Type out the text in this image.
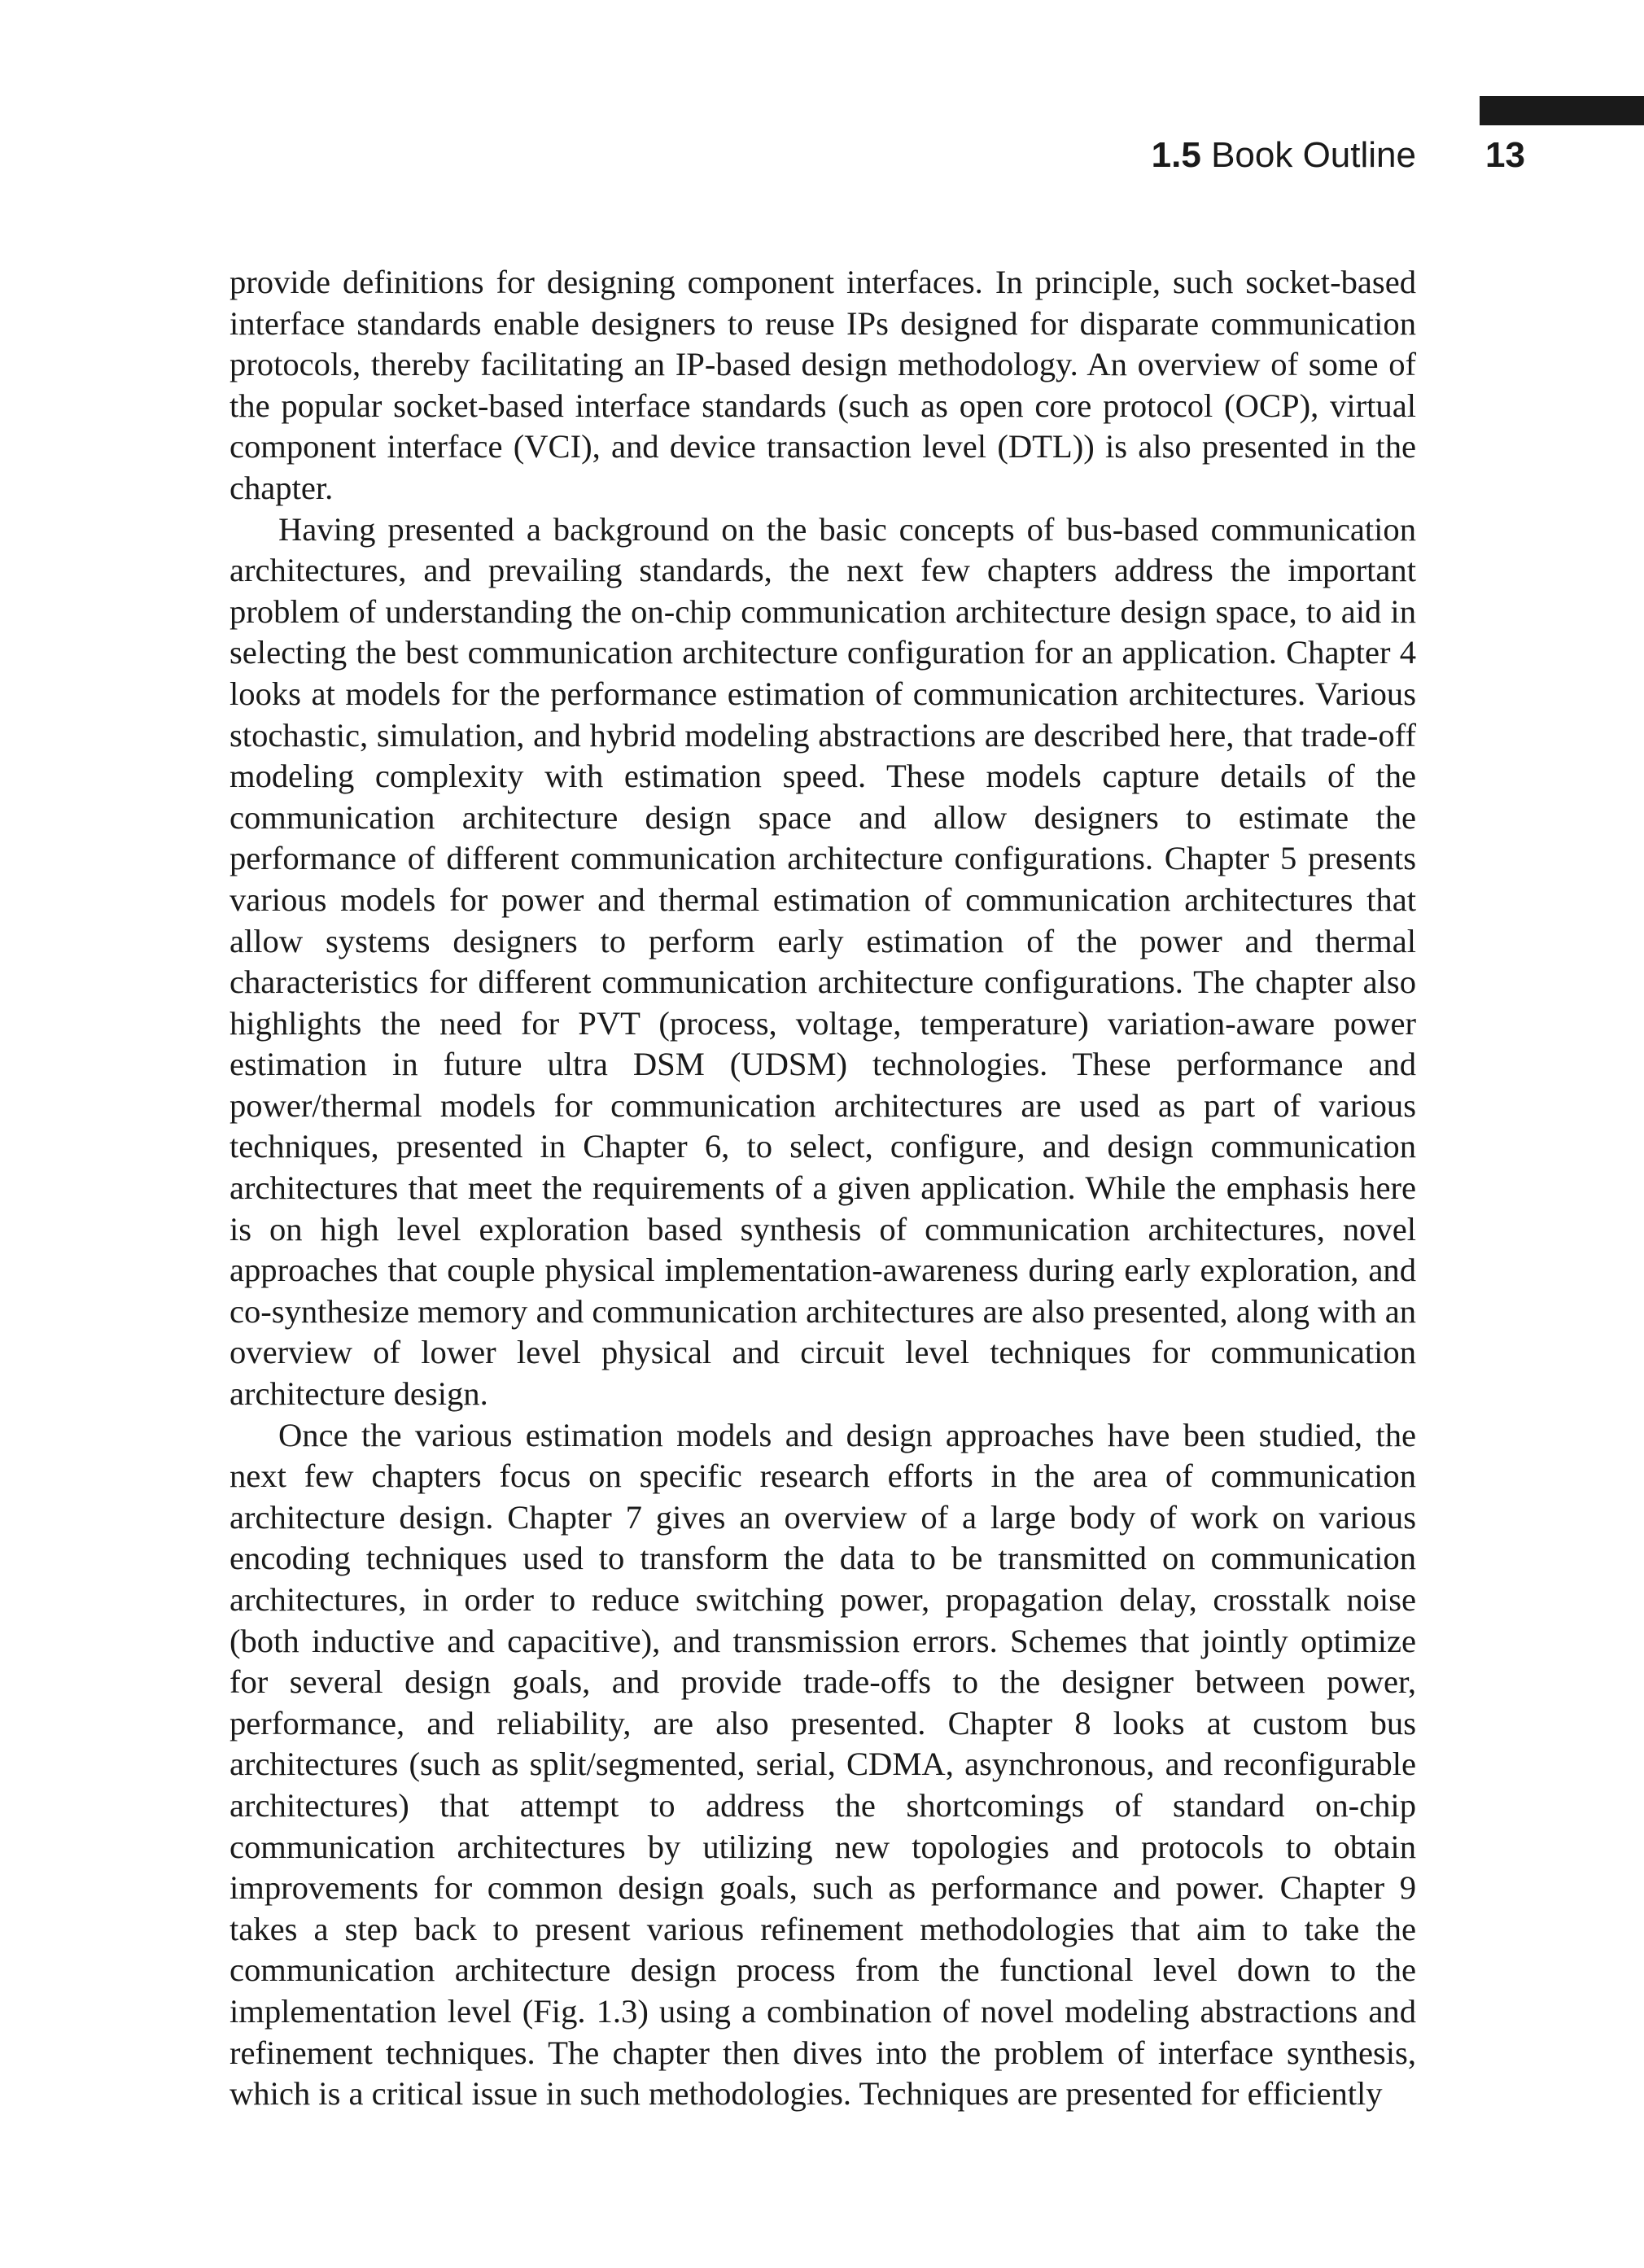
1.5 Book Outline	13

provide definitions for designing component interfaces. In principle, such socket-based interface standards enable designers to reuse IPs designed for disparate communication protocols, thereby facilitating an IP-based design methodology. An overview of some of the popular socket-based interface standards (such as open core protocol (OCP), virtual component interface (VCI), and device transaction level (DTL)) is also presented in the chapter.

Having presented a background on the basic concepts of bus-based communication architectures, and prevailing standards, the next few chapters address the important problem of understanding the on-chip communication architecture design space, to aid in selecting the best communication architecture configuration for an application. Chapter 4 looks at models for the performance estimation of communication architectures. Various stochastic, simulation, and hybrid modeling abstractions are described here, that trade-off modeling complexity with estimation speed. These models capture details of the communication architecture design space and allow designers to estimate the performance of different communication architecture configurations. Chapter 5 presents various models for power and thermal estimation of communication architectures that allow systems designers to perform early estimation of the power and thermal characteristics for different communication architecture configurations. The chapter also highlights the need for PVT (process, voltage, temperature) variation-aware power estimation in future ultra DSM (UDSM) technologies. These performance and power/thermal models for communication architectures are used as part of various techniques, presented in Chapter 6, to select, configure, and design communication architectures that meet the requirements of a given application. While the emphasis here is on high level exploration based synthesis of communication architectures, novel approaches that couple physical implementation-awareness during early exploration, and co-synthesize memory and communication architectures are also presented, along with an overview of lower level physical and circuit level techniques for communication architecture design.

Once the various estimation models and design approaches have been studied, the next few chapters focus on specific research efforts in the area of communication architecture design. Chapter 7 gives an overview of a large body of work on various encoding techniques used to transform the data to be transmitted on communication architectures, in order to reduce switching power, propagation delay, crosstalk noise (both inductive and capacitive), and transmission errors. Schemes that jointly optimize for several design goals, and provide trade-offs to the designer between power, performance, and reliability, are also presented. Chapter 8 looks at custom bus architectures (such as split/segmented, serial, CDMA, asynchronous, and reconfigurable architectures) that attempt to address the shortcomings of standard on-chip communication architectures by utilizing new topologies and protocols to obtain improvements for common design goals, such as performance and power. Chapter 9 takes a step back to present various refinement methodologies that aim to take the communication architecture design process from the functional level down to the implementation level (Fig. 1.3) using a combination of novel modeling abstractions and refinement techniques. The chapter then dives into the problem of interface synthesis, which is a critical issue in such methodologies. Techniques are presented for efficiently
